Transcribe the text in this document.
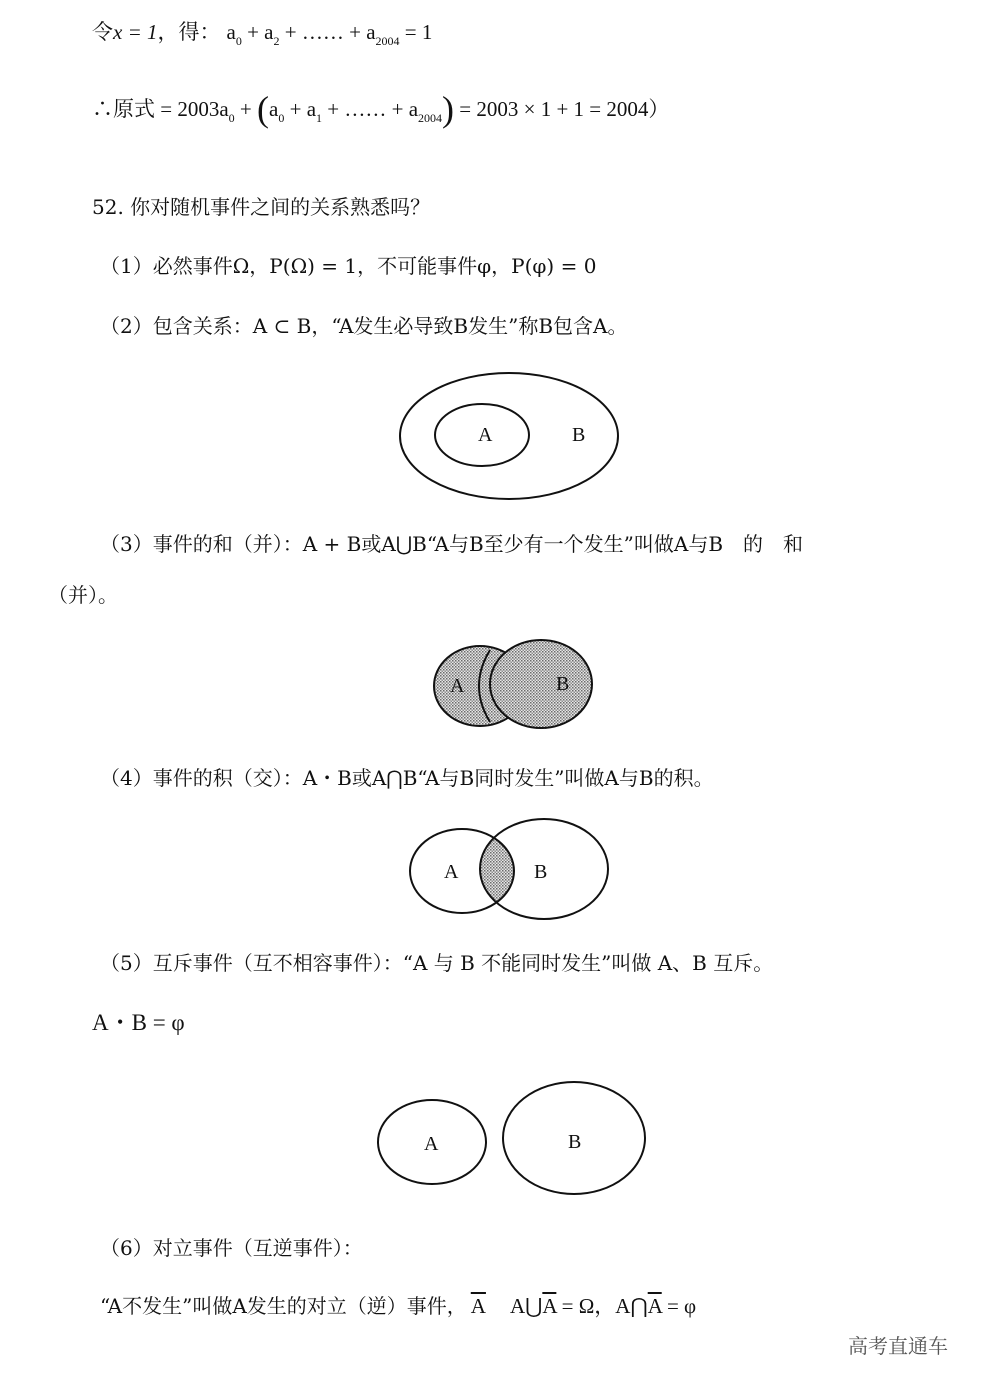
令x = 1，得： $a_0 + a_2$ + …… + $a_{2004} = 1$
∴原式 = $2003a_0 + (a_0 + a_1$ + …… + $a_{2004}) = 2003 \times 1 + 1 = 2004$）
52. 你对随机事件之间的关系熟悉吗？
（1）必然事件Ω，P(Ω) = 1，不可能事件φ，P(φ) = 0
（2）包含关系：A ⊂ B，“A发生必导致B发生”称B包含A。
A	B
（3）事件的和（并）：A + B或A⋃B“A与B至少有一个发生”叫做A与B　的　和
（并）。
A	B
（4）事件的积（交）：A・B或A⋂B“A与B同时发生”叫做A与B的积。
A	B
（5）互斥事件（互不相容事件）：“A 与 B 不能同时发生”叫做 A、B 互斥。
A・B = φ
A	B
（6）对立事件（互逆事件）：
“A不发生”叫做A发生的对立（逆）事件， $\overline{A}$ $A⋃\overline{A} = \Omega$，$A⋂\overline{A} = \varphi$
高考直通车
